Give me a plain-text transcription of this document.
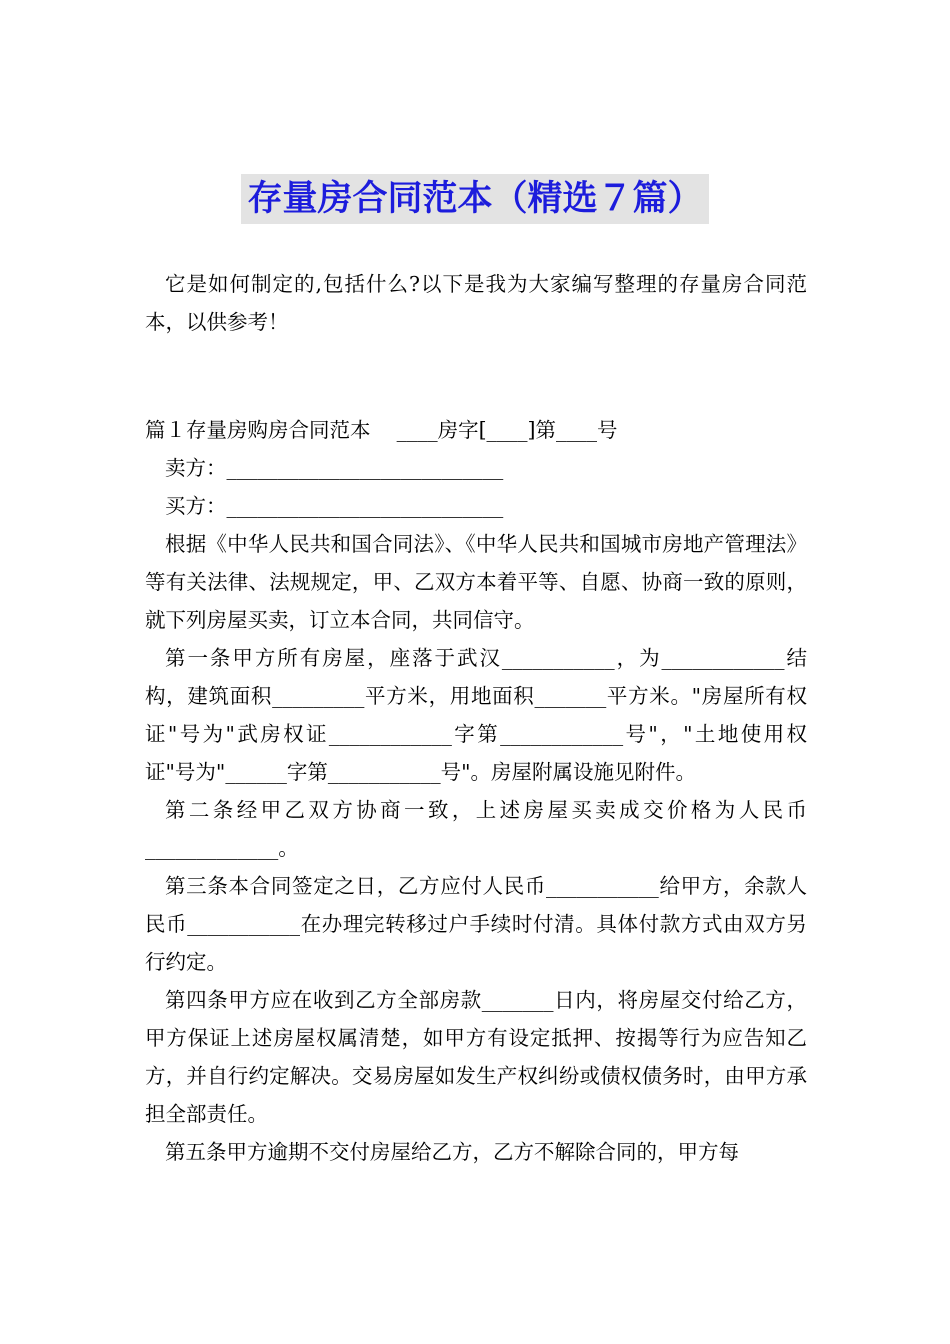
存量房合同范本（精选７篇）

它是如何制定的,包括什么?以下是我为大家编写整理的存量房合同范本，以供参考！

篇１存量房购房合同范本    ____房字[____]第____号

卖方：___________________________

买方：___________________________

根据《中华人民共和国合同法》、《中华人民共和国城市房地产管理法》等有关法律、法规规定，甲、乙双方本着平等、自愿、协商一致的原则，就下列房屋买卖，订立本合同，共同信守。

第一条甲方所有房屋，座落于武汉___________，为____________结构，建筑面积_________平方米，用地面积_______平方米。"房屋所有权证"号为"武房权证____________字第____________号"，"土地使用权证"号为"______字第___________号"。房屋附属设施见附件。

第二条经甲乙双方协商一致，上述房屋买卖成交价格为人民币_____________。

第三条本合同签定之日，乙方应付人民币___________给甲方，余款人民币___________在办理完转移过户手续时付清。具体付款方式由双方另行约定。

第四条甲方应在收到乙方全部房款_______日内，将房屋交付给乙方，甲方保证上述房屋权属清楚，如甲方有设定抵押、按揭等行为应告知乙方，并自行约定解决。交易房屋如发生产权纠纷或债权债务时，由甲方承担全部责任。

第五条甲方逾期不交付房屋给乙方，乙方不解除合同的，甲方每
